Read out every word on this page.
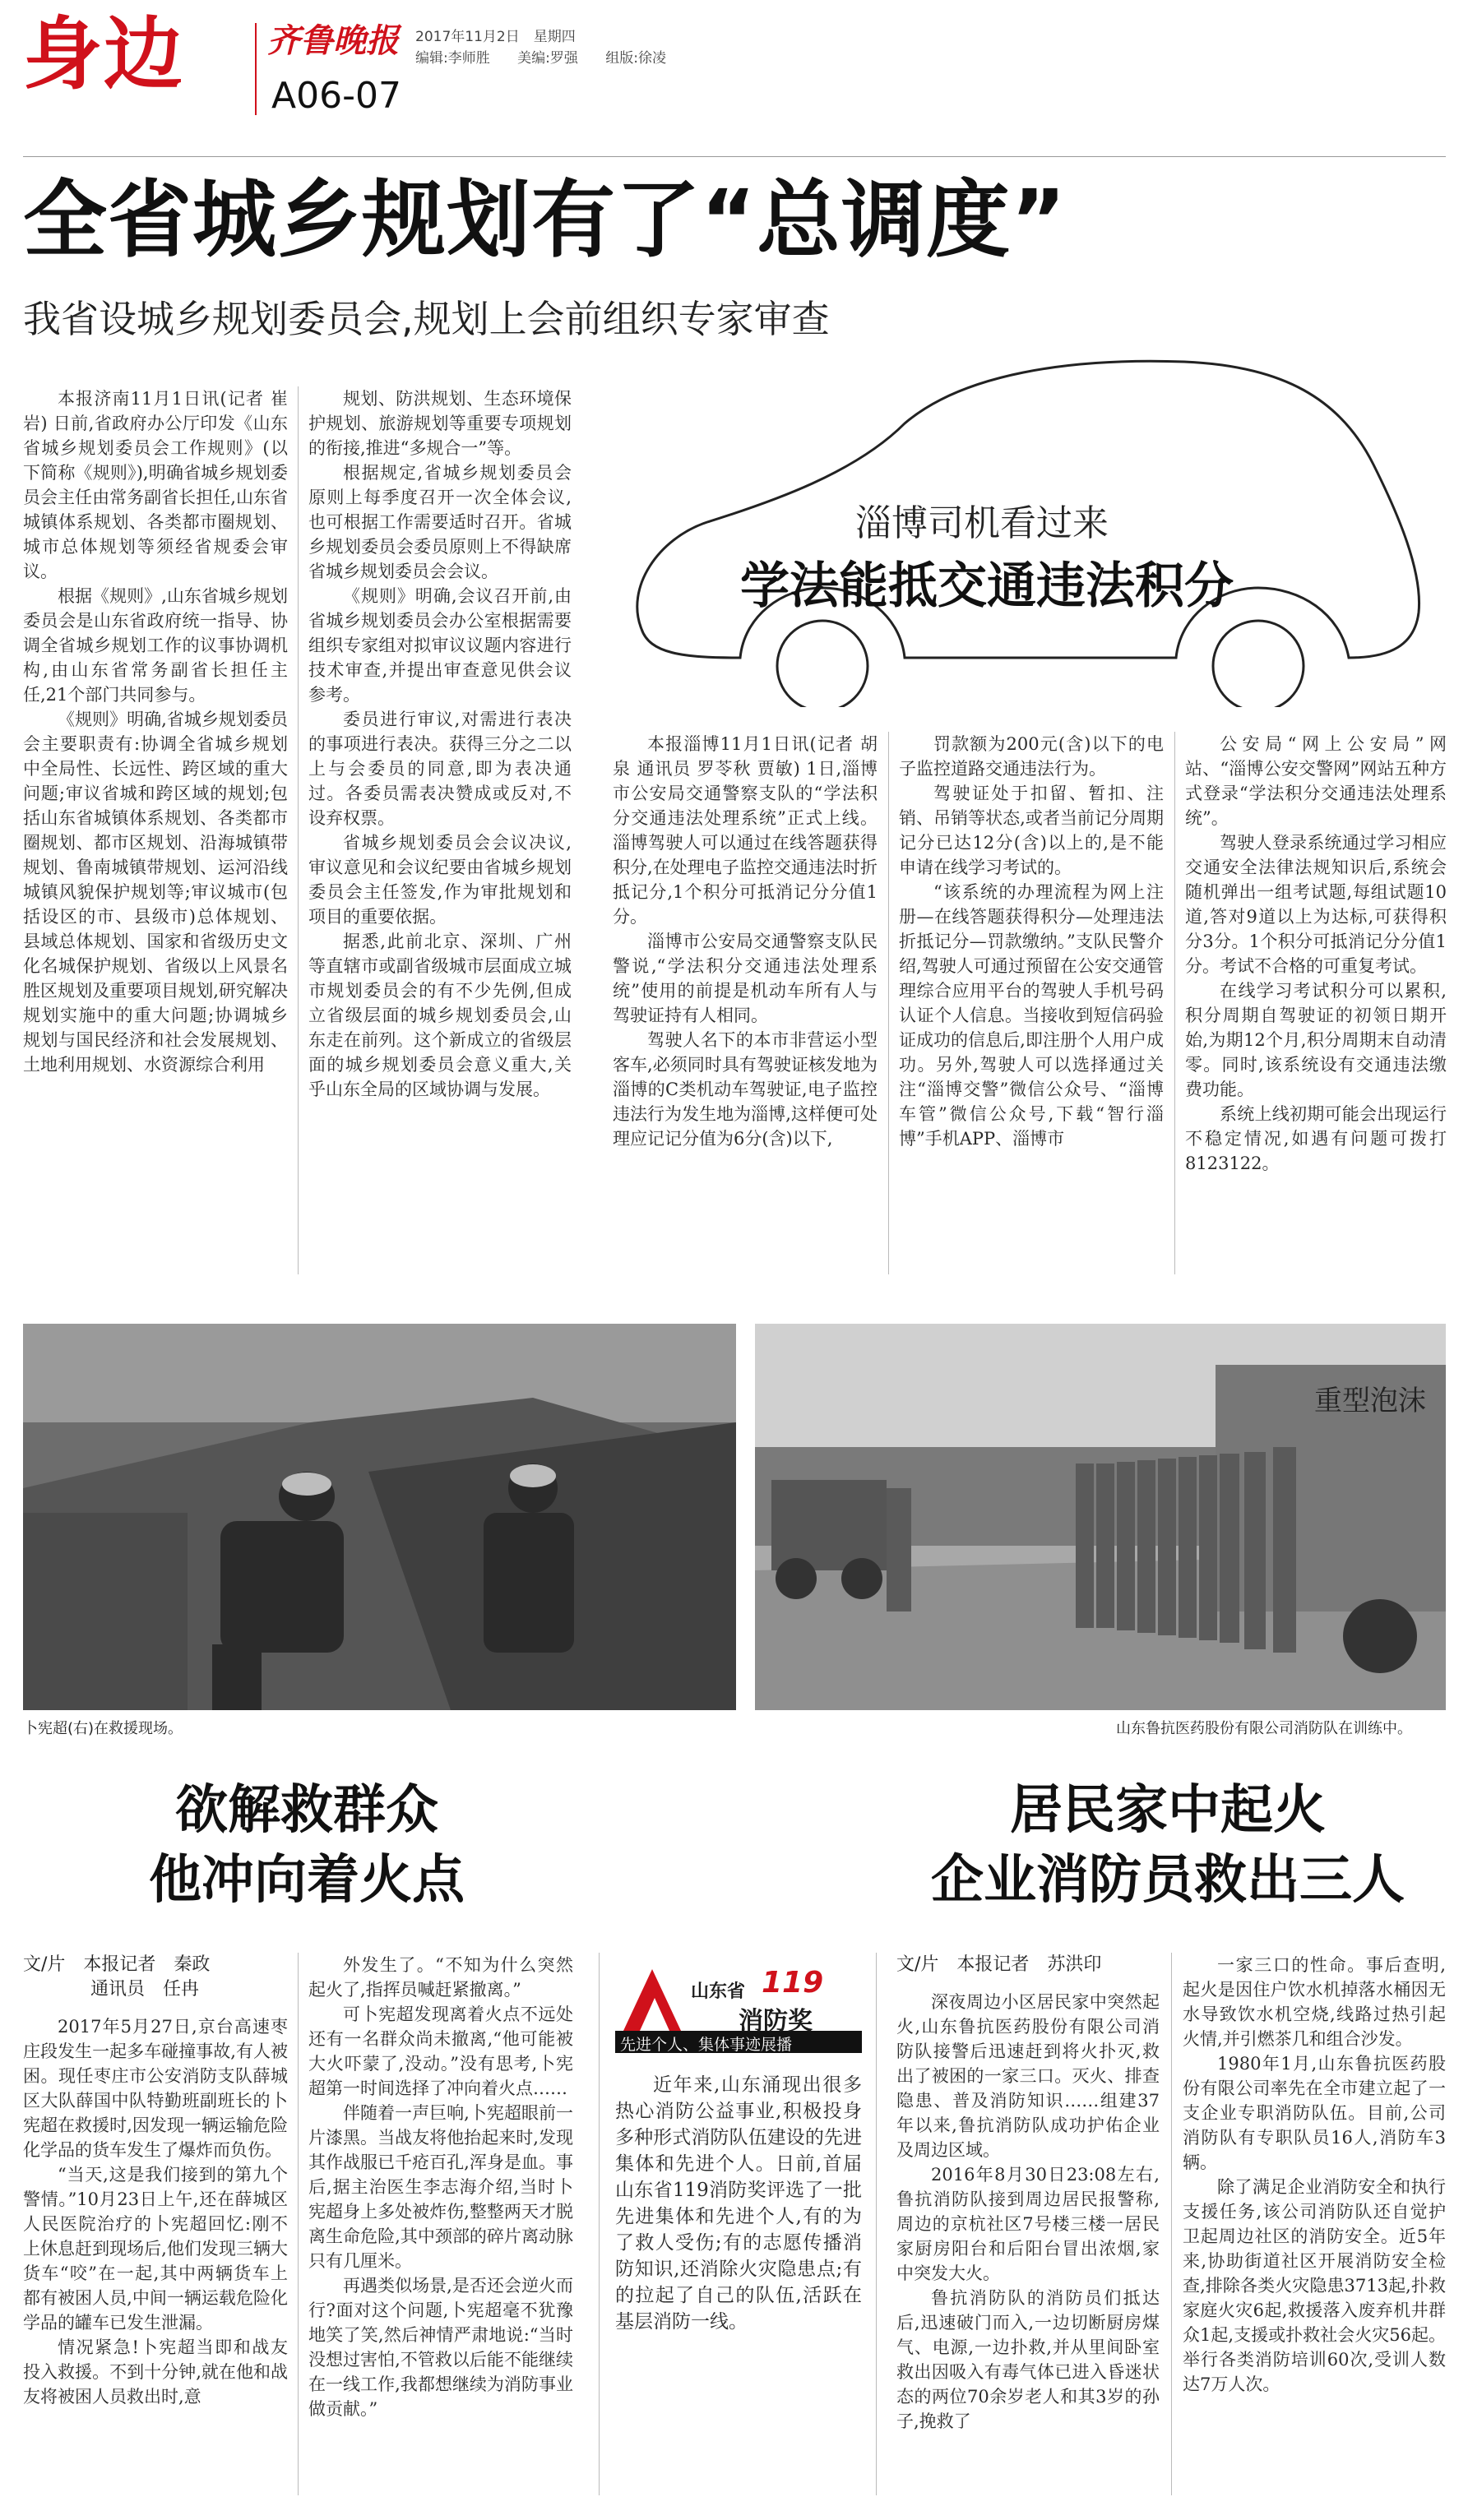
身边	齐鲁晚报
A06-07
2017年11月2日　星期四
编辑:李师胜 美编:罗强 组版:徐凌
全省城乡规划有了“总调度”
我省设城乡规划委员会,规划上会前组织专家审查

本报济南11月1日讯(记者 崔岩) 日前,省政府办公厅印发《山东省城乡规划委员会工作规则》(以下简称《规则》),明确省城乡规划委员会主任由常务副省长担任,山东省城镇体系规划、各类都市圈规划、城市总体规划等须经省规委会审议。

根据《规则》,山东省城乡规划委员会是山东省政府统一指导、协调全省城乡规划工作的议事协调机构,由山东省常务副省长担任主任,21个部门共同参与。

《规则》明确,省城乡规划委员会主要职责有:协调全省城乡规划中全局性、长远性、跨区域的重大问题;审议省城和跨区域的规划;包括山东省城镇体系规划、各类都市圈规划、都市区规划、沿海城镇带规划、鲁南城镇带规划、运河沿线城镇风貌保护规划等;审议城市(包括设区的市、县级市)总体规划、县域总体规划、国家和省级历史文化名城保护规划、省级以上风景名胜区规划及重要项目规划,研究解决规划实施中的重大问题;协调城乡规划与国民经济和社会发展规划、土地利用规划、水资源综合利用

规划、防洪规划、生态环境保护规划、旅游规划等重要专项规划的衔接,推进“多规合一”等。

根据规定,省城乡规划委员会原则上每季度召开一次全体会议,也可根据工作需要适时召开。省城乡规划委员会委员原则上不得缺席省城乡规划委员会会议。

《规则》明确,会议召开前,由省城乡规划委员会办公室根据需要组织专家组对拟审议议题内容进行技术审查,并提出审查意见供会议参考。

委员进行审议,对需进行表决的事项进行表决。获得三分之二以上与会委员的同意,即为表决通过。各委员需表决赞成或反对,不设弃权票。

省城乡规划委员会会议决议,审议意见和会议纪要由省城乡规划委员会主任签发,作为审批规划和项目的重要依据。

据悉,此前北京、深圳、广州等直辖市或副省级城市层面成立城市规划委员会的有不少先例,但成立省级层面的城乡规划委员会,山东走在前列。这个新成立的省级层面的城乡规划委员会意义重大,关乎山东全局的区域协调与发展。

淄博司机看过来
学法能抵交通违法积分

本报淄博11月1日讯(记者 胡泉 通讯员 罗苓秋 贾敏) 1日,淄博市公安局交通警察支队的“学法积分交通违法处理系统”正式上线。淄博驾驶人可以通过在线答题获得积分,在处理电子监控交通违法时折抵记分,1个积分可抵消记分分值1分。

淄博市公安局交通警察支队民警说,“学法积分交通违法处理系统”使用的前提是机动车所有人与驾驶证持有人相同。

驾驶人名下的本市非营运小型客车,必须同时具有驾驶证核发地为淄博的C类机动车驾驶证,电子监控违法行为发生地为淄博,这样便可处理应记记分值为6分(含)以下,

罚款额为200元(含)以下的电子监控道路交通违法行为。

驾驶证处于扣留、暂扣、注销、吊销等状态,或者当前记分周期记分已达12分(含)以上的,是不能申请在线学习考试的。

“该系统的办理流程为网上注册—在线答题获得积分—处理违法折抵记分—罚款缴纳。”支队民警介绍,驾驶人可通过预留在公安交通管理综合应用平台的驾驶人手机号码认证个人信息。当接收到短信码验证成功的信息后,即注册个人用户成功。另外,驾驶人可以选择通过关注“淄博交警”微信公众号、“淄博车管”微信公众号,下载“智行淄博”手机APP、淄博市

公安局“网上公安局”网站、“淄博公安交警网”网站五种方式登录“学法积分交通违法处理系统”。

驾驶人登录系统通过学习相应交通安全法律法规知识后,系统会随机弹出一组考试题,每组试题10道,答对9道以上为达标,可获得积分3分。1个积分可抵消记分分值1分。考试不合格的可重复考试。

在线学习考试积分可以累积,积分周期自驾驶证的初领日期开始,为期12个月,积分周期末自动清零。同时,该系统设有交通违法缴费功能。

系统上线初期可能会出现运行不稳定情况,如遇有问题可拨打8123122。

卜宪超(右)在救援现场。
重型泡沫
山东鲁抗医药股份有限公司消防队在训练中。
欲解救群众
他冲向着火点
文/片　本报记者　秦政
通讯员　任冉

2017年5月27日,京台高速枣庄段发生一起多车碰撞事故,有人被困。现任枣庄市公安消防支队薛城区大队薛国中队特勤班副班长的卜宪超在救援时,因发现一辆运输危险化学品的货车发生了爆炸而负伤。

“当天,这是我们接到的第九个警情。”10月23日上午,还在薛城区人民医院治疗的卜宪超回忆:刚不上休息赶到现场后,他们发现三辆大货车“咬”在一起,其中两辆货车上都有被困人员,中间一辆运载危险化学品的罐车已发生泄漏。

情况紧急!卜宪超当即和战友投入救援。不到十分钟,就在他和战友将被困人员救出时,意

外发生了。“不知为什么突然起火了,指挥员喊赶紧撤离。”

可卜宪超发现离着火点不远处还有一名群众尚未撤离,“他可能被大火吓蒙了,没动。”没有思考,卜宪超第一时间选择了冲向着火点……

伴随着一声巨响,卜宪超眼前一片漆黑。当战友将他抬起来时,发现其作战服已千疮百孔,浑身是血。事后,据主治医生李志海介绍,当时卜宪超身上多处被炸伤,整整两天才脱离生命危险,其中颈部的碎片离动脉只有几厘米。

再遇类似场景,是否还会逆火而行?面对这个问题,卜宪超毫不犹豫地笑了笑,然后神情严肃地说:“当时没想过害怕,不管救以后能不能继续在一线工作,我都想继续为消防事业做贡献。”

山东省 119
消防奖
先进个人、集体事迹展播

近年来,山东涌现出很多热心消防公益事业,积极投身多种形式消防队伍建设的先进集体和先进个人。日前,首届山东省119消防奖评选了一批先进集体和先进个人,有的为了救人受伤;有的志愿传播消防知识,还消除火灾隐患点;有的拉起了自己的队伍,活跃在基层消防一线。

居民家中起火
企业消防员救出三人
文/片　本报记者　苏洪印

深夜周边小区居民家中突然起火,山东鲁抗医药股份有限公司消防队接警后迅速赶到将火扑灭,救出了被困的一家三口。灭火、排查隐患、普及消防知识……组建37年以来,鲁抗消防队成功护佑企业及周边区域。

2016年8月30日23:08左右,鲁抗消防队接到周边居民报警称,周边的京杭社区7号楼三楼一居民家厨房阳台和后阳台冒出浓烟,家中突发大火。

鲁抗消防队的消防员们抵达后,迅速破门而入,一边切断厨房煤气、电源,一边扑救,并从里间卧室救出因吸入有毒气体已进入昏迷状态的两位70余岁老人和其3岁的孙子,挽救了

一家三口的性命。事后查明,起火是因住户饮水机掉落水桶因无水导致饮水机空烧,线路过热引起火情,并引燃茶几和组合沙发。

1980年1月,山东鲁抗医药股份有限公司率先在全市建立起了一支企业专职消防队伍。目前,公司消防队有专职队员16人,消防车3辆。

除了满足企业消防安全和执行支援任务,该公司消防队还自觉护卫起周边社区的消防安全。近5年来,协助街道社区开展消防安全检查,排除各类火灾隐患3713起,扑救家庭火灾6起,救援落入废弃机井群众1起,支援或扑救社会火灾56起。举行各类消防培训60次,受训人数达7万人次。
